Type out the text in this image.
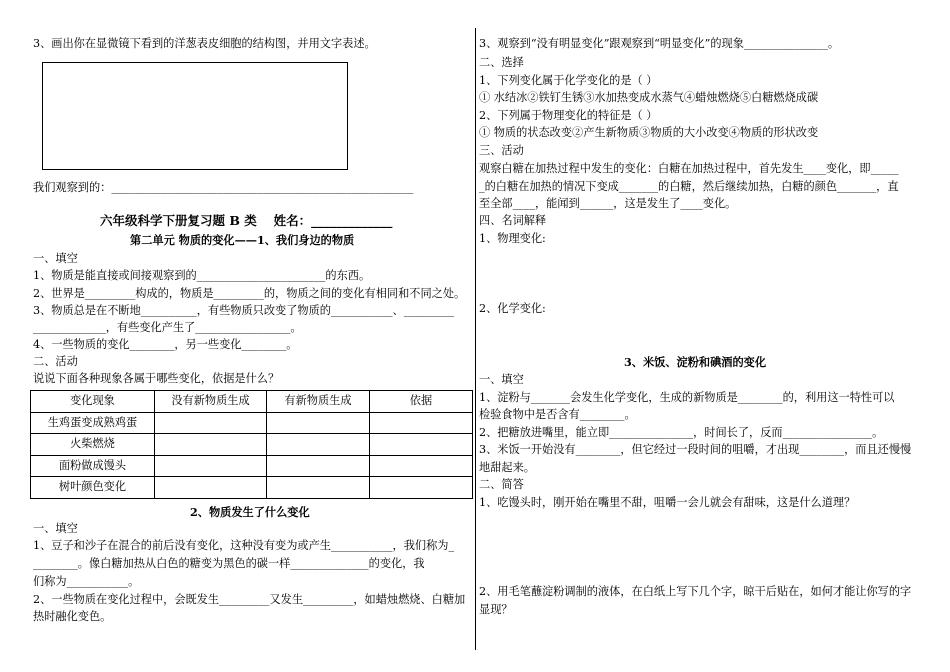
3、画出你在显微镜下看到的洋葱表皮细胞的结构图，并用文字表述。
我们观察到的：______________________________________________________
六年级科学下册复习题 B 类　 姓名：_____________
第二单元 物质的变化——1、我们身边的物质
一、填空
1、物质是能直接或间接观察到的_______________________的东西。
2、世界是_________构成的，物质是_________的，物质之间的变化有相同和不同之处。
3、物质总是在不断地__________，有些物质只改变了物质的___________、_________
_____________，有些变化产生了_________________。
4、一些物质的变化________，另一些变化________。
二、活动
说说下面各种现象各属于哪些变化，依据是什么？
变化现象	没有新物质生成	有新物质生成	依据
生鸡蛋变成熟鸡蛋			
火柴燃烧			
面粉做成馒头			
树叶颜色变化			
2、物质发生了什么变化
一、填空
1、豆子和沙子在混合的前后没有变化，这种没有变为或产生___________，我们称为_
________。像白糖加热从白色的糖变为黑色的碳一样______________的变化，我
们称为___________。
2、一些物质在变化过程中，会既发生_________又发生_________，如蜡烛燃烧、白糖加
热时融化变色。
3、观察到“没有明显变化”跟观察到“明显变化”的现象_______________。
二、选择
1、下列变化属于化学变化的是（ ）
① 水结冰②铁钉生锈③水加热变成水蒸气④蜡烛燃烧⑤白糖燃烧成碳
2、下列属于物理变化的特征是（ ）
① 物质的状态改变②产生新物质③物质的大小改变④物质的形状改变
三、活动
观察白糖在加热过程中发生的变化：白糖在加热过程中，首先发生____变化，即_____
_的白糖在加热的情况下变成_______的白糖，然后继续加热，白糖的颜色_______，直
至全部____，能闻到______，这是发生了____变化。
四、名词解释
1、物理变化:
2、化学变化:
3、米饭、淀粉和碘酒的变化
一、填空
1、淀粉与_______会发生化学变化，生成的新物质是________的，利用这一特性可以
检验食物中是否含有________。
2、把糖放进嘴里，能立即_______________，时间长了，反而________________。
3、米饭一开始没有________，但它经过一段时间的咀嚼，才出现________，而且还慢慢
地甜起来。
二、简答
1、吃馒头时，刚开始在嘴里不甜，咀嚼一会儿就会有甜味，这是什么道理？
2、用毛笔蘸淀粉调制的液体，在白纸上写下几个字，晾干后贴在，如何才能让你写的字
显现？
